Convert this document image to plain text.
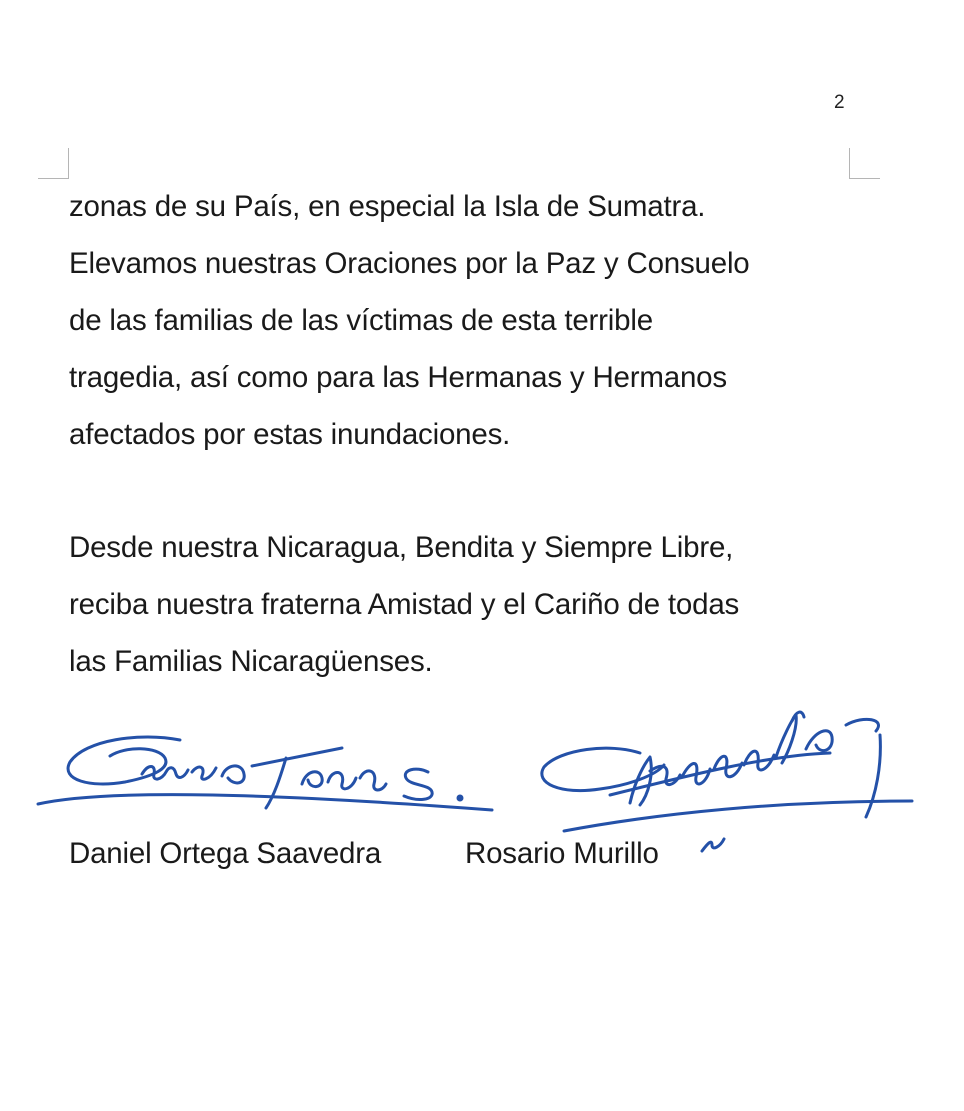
2

zonas de su País, en especial la Isla de Sumatra.

Elevamos nuestras Oraciones por la Paz y Consuelo

de las familias de las víctimas de esta terrible

tragedia, así como para las Hermanas y Hermanos

afectados por estas inundaciones.

Desde nuestra Nicaragua, Bendita y Siempre Libre,

reciba nuestra fraterna Amistad y el Cariño de todas

las Familias Nicaragüenses.

Daniel Ortega Saavedra	Rosario Murillo
